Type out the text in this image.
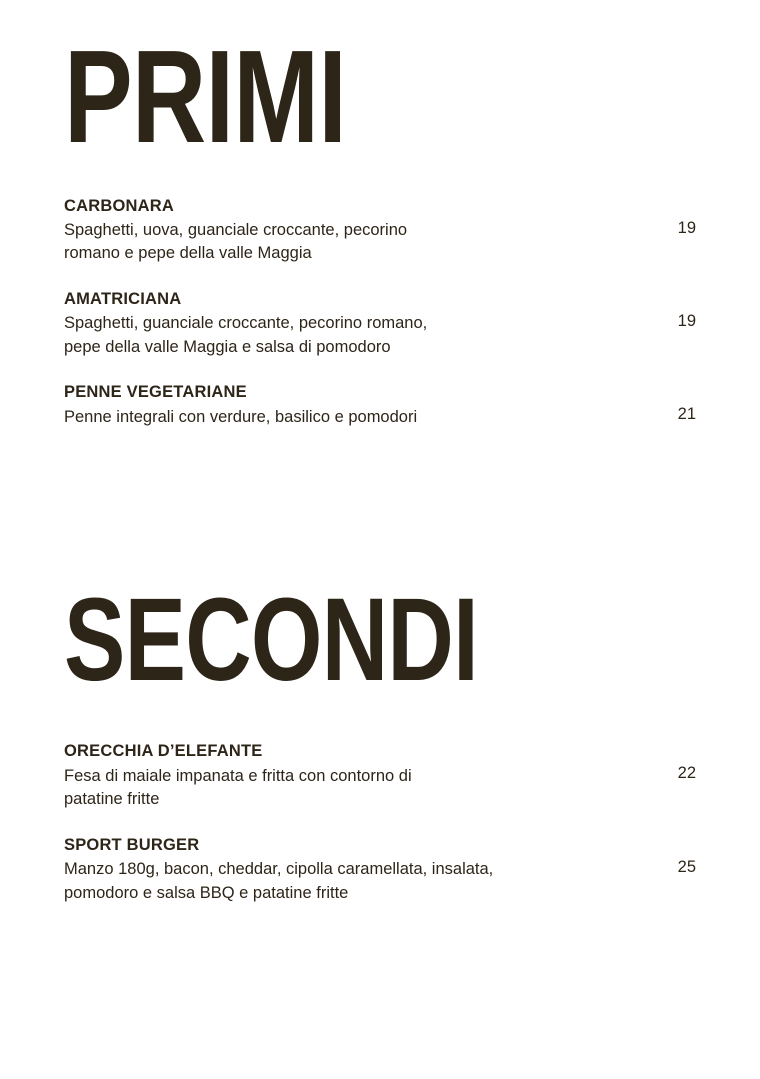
PRIMI

CARBONARA

Spaghetti, uova, guanciale croccante, pecorino
romano e pepe della valle Maggia

19

AMATRICIANA

Spaghetti, guanciale croccante, pecorino romano,
pepe della valle Maggia e salsa di pomodoro

19

PENNE VEGETARIANE

Penne integrali con verdure, basilico e pomodori	21
SECONDI

ORECCHIA D’ELEFANTE

Fesa di maiale impanata e fritta con contorno di
patatine fritte

22

SPORT BURGER

Manzo 180g, bacon, cheddar, cipolla caramellata, insalata,
pomodoro e salsa BBQ e patatine fritte

25
